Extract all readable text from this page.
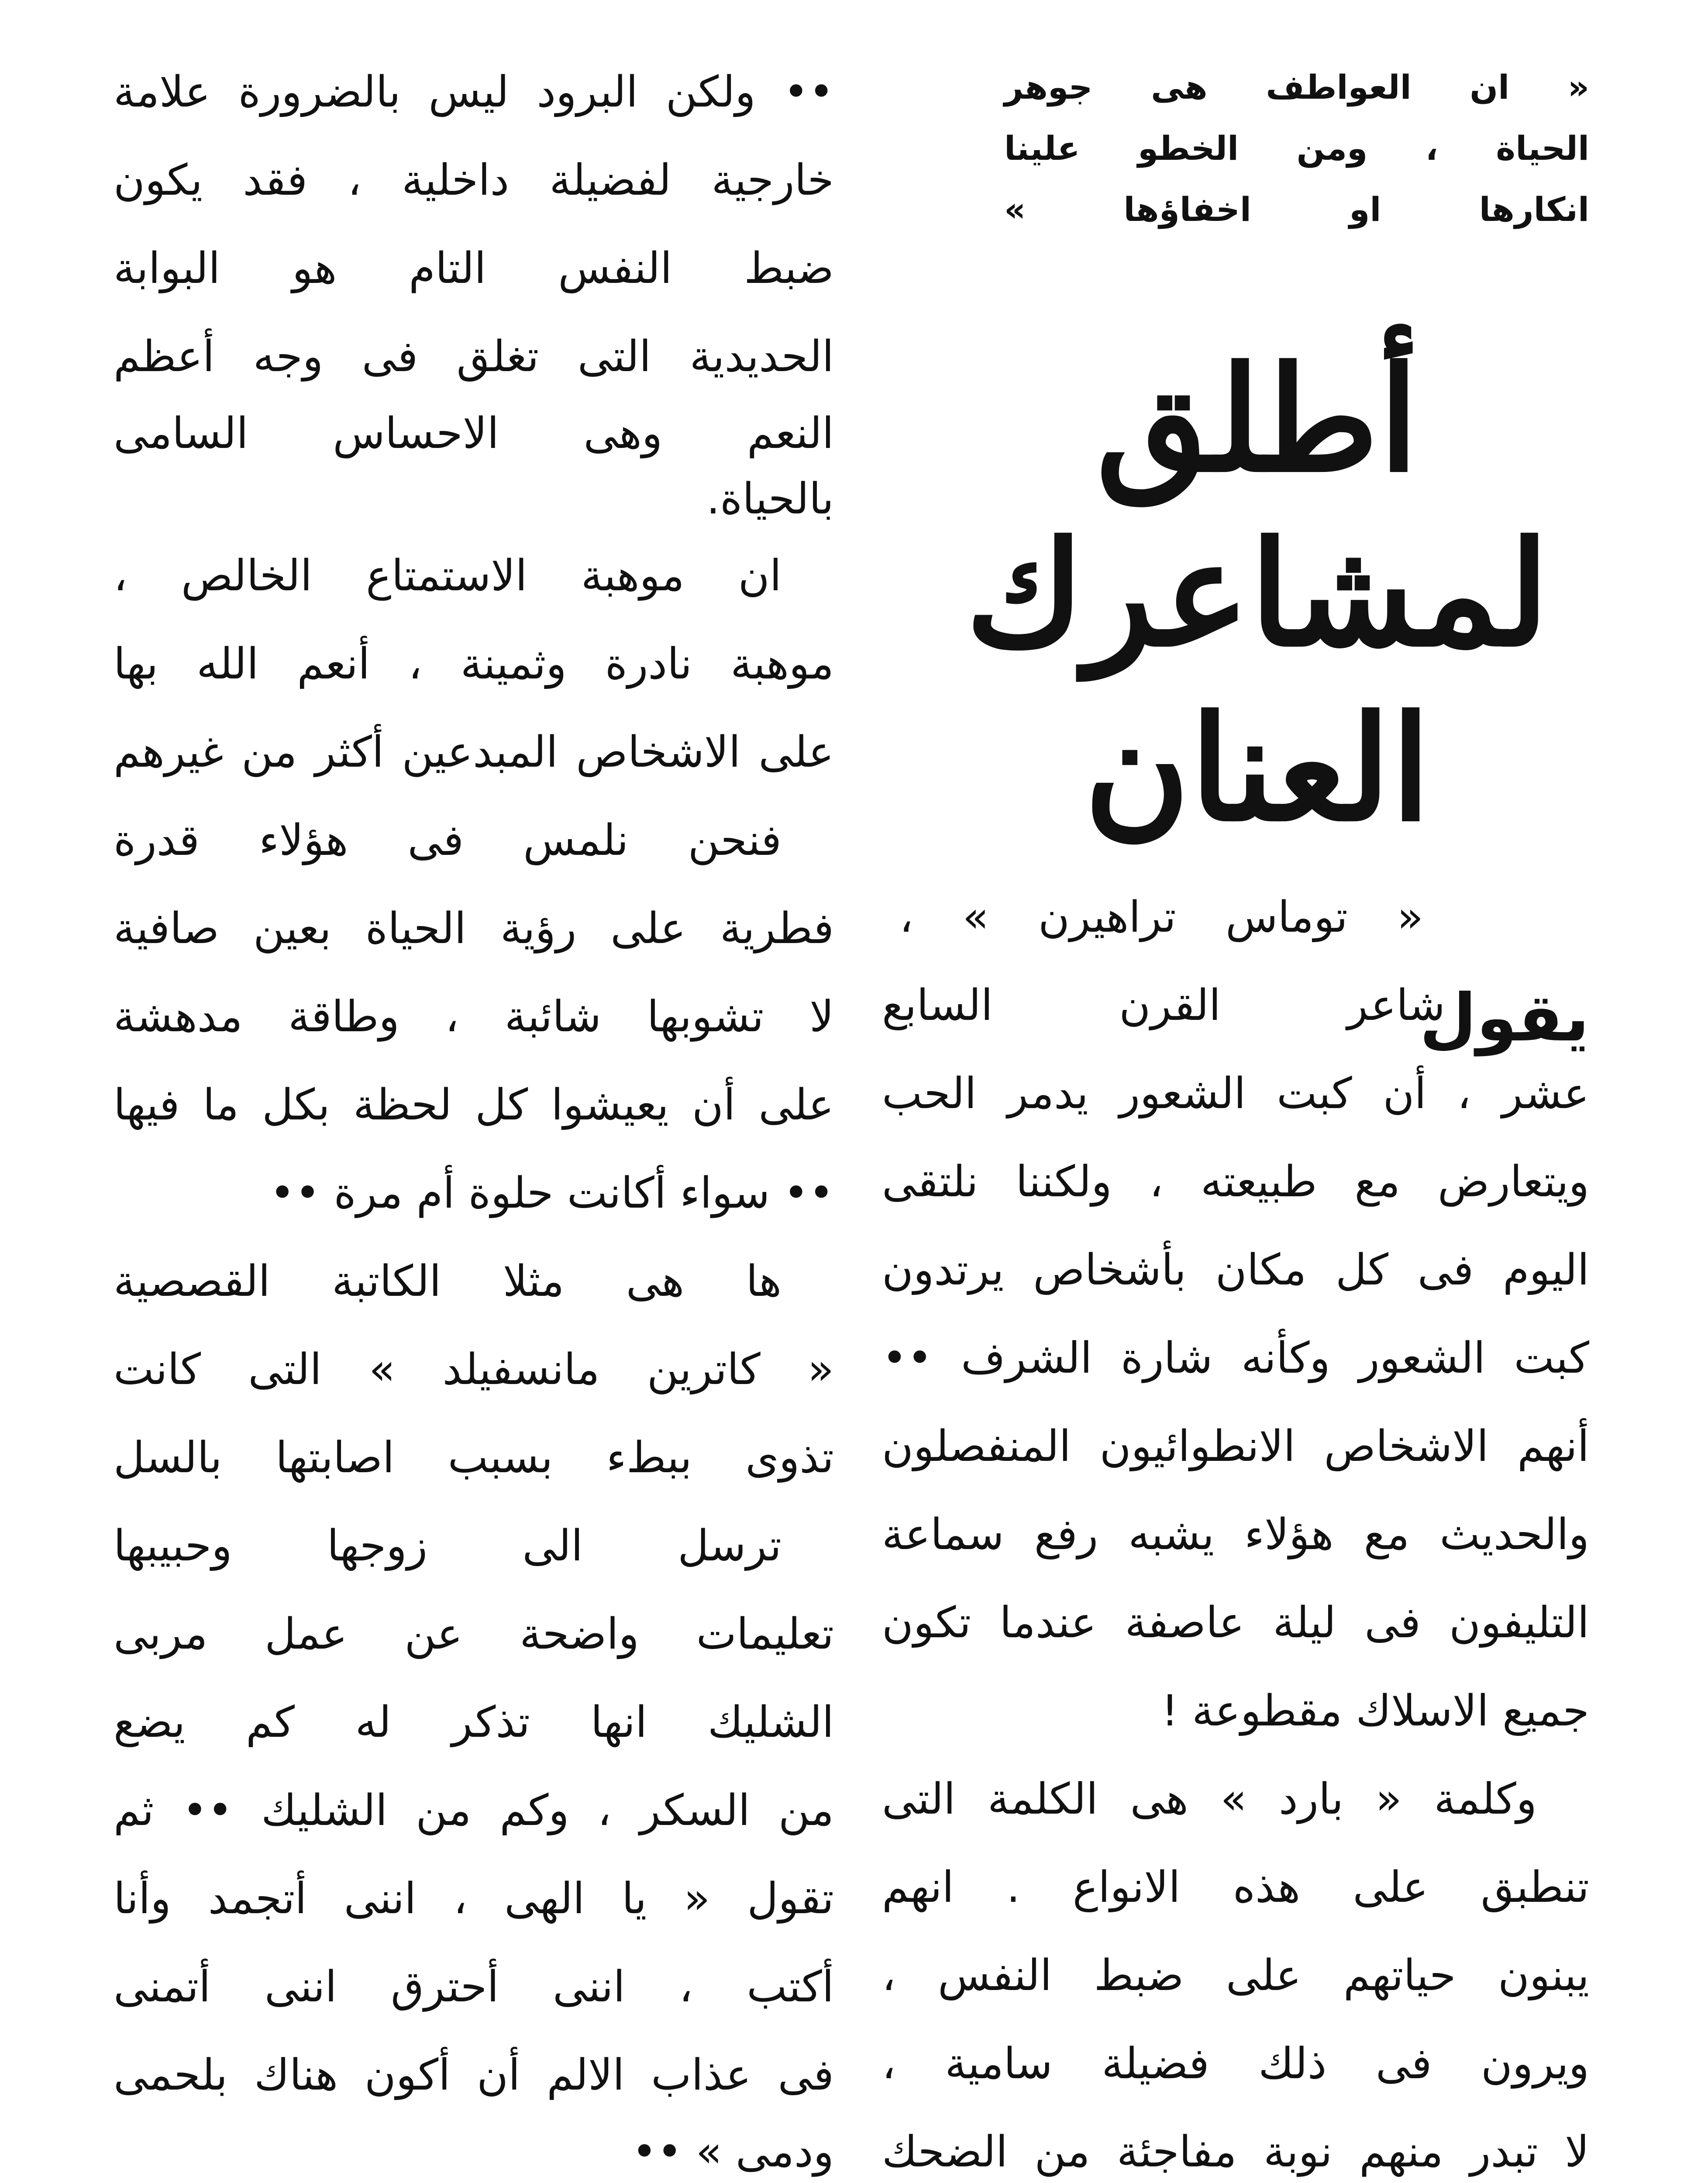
« ان العواطف هى جوهر
الحياة ، ومن الخطو علينا
انكارها او اخفاؤها »
أطلق
لمشاعرك
العنان
« توماس تراهيرن » ،
يقول
شاعر القرن السابع
عشر ، أن كبت الشعور يدمر الحب
ويتعارض مع طبيعته ، ولكننا نلتقى
اليوم فى كل مكان بأشخاص يرتدون
كبت الشعور وكأنه شارة الشرف ••
أنهم الاشخاص الانطوائيون المنفصلون
والحديث مع هؤلاء يشبه رفع سماعة
التليفون فى ليلة عاصفة عندما تكون
جميع الاسلاك مقطوعة !
وكلمة « بارد » هى الكلمة التى
تنطبق على هذه الانواع . انهم
يبنون حياتهم على ضبط النفس ،
ويرون فى ذلك فضيلة سامية ،
لا تبدر منهم نوبة مفاجئة من الضحك
•• ولكن البرود ليس بالضرورة علامة
خارجية لفضيلة داخلية ، فقد يكون
ضبط النفس التام هو البوابة
الحديدية التى تغلق فى وجه أعظم
النعم وهى الاحساس السامى
بالحياة.
ان موهبة الاستمتاع الخالص ،
موهبة نادرة وثمينة ، أنعم الله بها
على الاشخاص المبدعين أكثر من غيرهم
فنحن نلمس فى هؤلاء قدرة
فطرية على رؤية الحياة بعين صافية
لا تشوبها شائبة ، وطاقة مدهشة
على أن يعيشوا كل لحظة بكل ما فيها
•• سواء أكانت حلوة أم مرة ••
ها هى مثلا الكاتبة القصصية
« كاترين مانسفيلد » التى كانت
تذوى ببطء بسبب اصابتها بالسل
ترسل الى زوجها وحبيبها
تعليمات واضحة عن عمل مربى
الشليك انها تذكر له كم يضع
من السكر ، وكم من الشليك •• ثم
تقول « يا الهى ، اننى أتجمد وأنا
أكتب ، اننى أحترق اننى أتمنى
فى عذاب الالم أن أكون هناك بلحمى
ودمى » ••
